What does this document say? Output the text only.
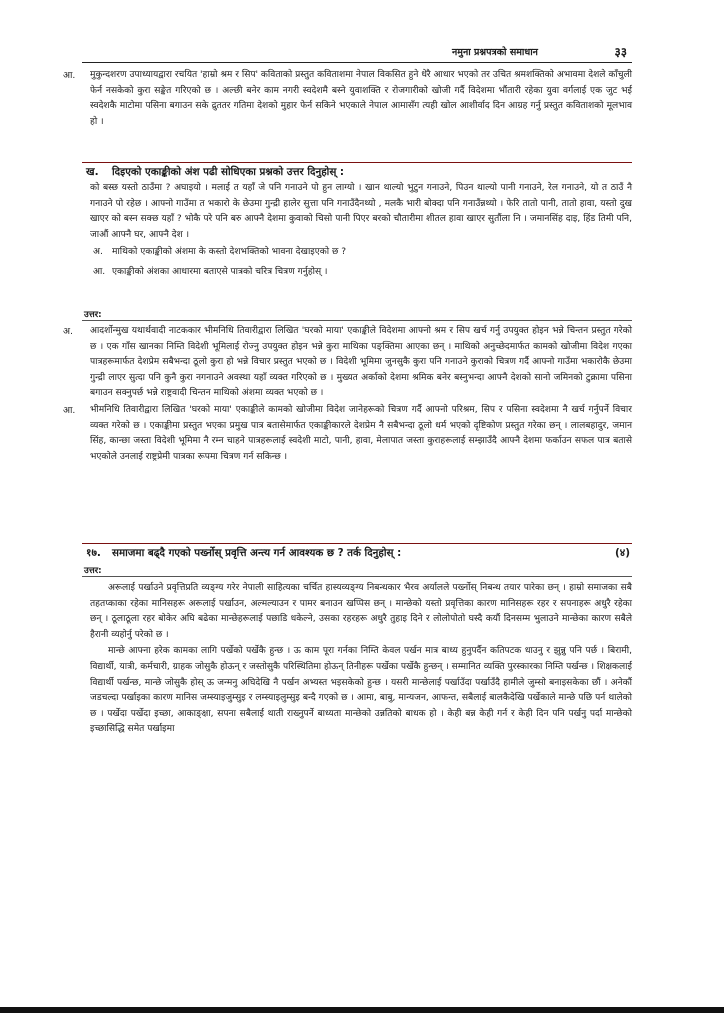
नमुना प्रश्नपत्रको समाधान	३३

आ. मुकुन्दशरण उपाध्यायद्वारा रचयित 'हाम्रो श्रम र सिप' कविताको प्रस्तुत कविताशमा नेपाल विकसित हुने धेरै आधार भएको तर उचित श्रमशक्तिको अभावमा देशले काँचुली फेर्न नसकेको कुरा सङ्केत गरिएको छ । अल्छी बनेर काम नगरी स्वदेशमै बस्ने युवाशक्ति र रोजगारीको खोजी गर्दै विदेशमा भौंतारी रहेका युवा वर्गलाई एक जुट भई स्वदेशकै माटोमा पसिना बगाउन सके द्रुततर गतिमा देशको मुहार फेर्न सकिने भएकाले नेपाल आमासँग त्यही खोल आशीर्वाद दिन आग्रह गर्नु प्रस्तुत कविताशको मूलभाव हो ।

ख. दिइएको एकाङ्कीको अंश पढी सोधिएका प्रश्नको उत्तर दिनुहोस् :

को बस्छ यस्तो ठाउँमा ? अघाइयो । मलाई त यहाँ जे पनि गनाउने पो हुन लाग्यो । खान थाल्यो भुटुन गनाउने, पिउन थाल्यो पानी गनाउने, रेल गनाउने, यो त ठाउँ नै गनाउने पो रहेछ । आफ्नो गाउँमा त भकारो के छेउमा गुन्द्री हालेर सुत्ता पनि गनाउँदैनथ्यो , मलकै भारी बोक्दा पनि गनाउँन्नथ्यो । फेरि तातो पानी, तातो हावा, यस्तो दुख खाएर को बस्न सक्छ यहाँ ? भोकै परे पनि बरु आफ्नै देशमा कुवाको चिसो पानी पिएर बरको चौतारीमा शीतल हावा खाएर सुतौंला नि । जमानसिंह दाइ, हिंड तिमी पनि, जाऔं आफ्नै घर, आफ्नै देश ।

अ. माथिको एकाङ्कीको अंशमा के कस्तो देशभक्तिको भावना देखाइएको छ ?

आ. एकाङ्कीको अंशका आधारमा बताएसे पात्रको चरित्र चित्रण गर्नुहोस् ।

उत्तर:

अ. आदर्शोन्मुख यथार्थवादी नाटककार भीमनिधि तिवारीद्वारा लिखित 'घरको माया' एकाङ्कीले विदेशमा आफ्नो श्रम र सिप खर्च गर्नु उपयुक्त होइन भन्ने चिन्तन प्रस्तुत गरेको छ । एक गाँस खानका निम्ति विदेशी भूमिलाई रोज्नु उपयुक्त होइन भन्ने कुरा माथिका पङ्क्तिमा आएका छन् । माथिको अनुच्छेदमार्फत कामको खोजीमा विदेश गएका पात्रहरूमार्फत देशप्रेम सबैभन्दा ठूलो कुरा हो भन्ने विचार प्रस्तुत भएको छ । विदेशी भूमिमा जुनसुकै कुरा पनि गनाउने कुराको चित्रण गर्दै आफ्नो गाउँमा भकारोकै छेउमा गुन्द्री लाएर सुत्दा पनि कुनै कुरा नगनाउने अवस्था यहाँ व्यक्त गरिएको छ । मुख्यत अर्काको देशमा श्रमिक बनेर बस्नुभन्दा आफ्नै देशको सानो जमिनको टुक्रामा पसिना बगाउन सक्नुपर्छ भन्ने राष्ट्रवादी चिन्तन माथिको अंशमा व्यक्त भएको छ ।

आ. भीमनिधि तिवारीद्वारा लिखित 'घरको माया' एकाङ्कीले कामको खोजीमा विदेश जानेहरूको चित्रण गर्दै आफ्नो परिश्रम, सिप र पसिना स्वदेशमा नै खर्च गर्नुपर्ने विचार व्यक्त गरेको छ । एकाङ्कीमा प्रस्तुत भएका प्रमुख पात्र बतासेमार्फत एकाङ्कीकारले देशप्रेम नै सबैभन्दा ठूलो धर्म भएको दृष्टिकोण प्रस्तुत गरेका छन् । लालबहादुर, जमान सिंह, कान्छा जस्ता विदेशी भूमिमा नै रम्न चाहने पात्रहरूलाई स्वदेशी माटो, पानी, हावा, मेलापात जस्ता कुराहरूलाई सम्झाउँदै आफ्नै देशमा फर्काउन सफल पात्र बतासे भएकोले उनलाई राष्ट्रप्रेमी पात्रका रूपमा चित्रण गर्न सकिन्छ ।

१७. समाजमा बढ्दै गएको पर्ख्नोस् प्रवृत्ति अन्त्य गर्न आवश्यक छ ? तर्क दिनुहोस् :	(४)
उत्तर:

अरूलाई पर्खाउने प्रवृत्तिप्रति व्यङ्ग्य गरेर नेपाली साहित्यका चर्चित हास्यव्यङ्ग्य निबन्धकार भैरव अर्यालले पर्ख्नोस् निबन्ध तयार पारेका छन् । हाम्रो समाजका सबै तहतप्काका रहेका मानिसहरू अरूलाई पर्खाउन, अल्मल्याउन र पामर बनाउन खप्पिस छन् । मान्छेको यस्तो प्रवृत्तिका कारण मानिसहरू रहर र सपनाहरू अधुरै रहेका छन् । ठूलाठूला रहर बोकेर अघि बढेका मान्छेहरूलाई पछाडि धकेल्ने, उसका रहरहरू अधुरै तुहाइ दिने र लोलोपोतो घस्दै कयौं दिनसम्म भुलाउने मान्छेका कारण सबैले हैरानी व्यहोर्नु परेको छ ।

मान्छे आफ्ना हरेक कामका लागि पर्खेको पर्खेकै हुन्छ । ऊ काम पूरा गर्नका निम्ति केवल पर्खन मात्र बाध्य हुनुपर्दैन कतिपटक धाउनु र झुन्नु पनि पर्छ । बिरामी, विद्यार्थी, यात्री, कर्मचारी, ग्राहक जोसुकै होऊन् र जस्तोसुकै परिस्थितिमा होऊन् तिनीहरू पर्खेका पर्खेकै हुन्छन् । सम्मानित व्यक्ति पुरस्कारका निम्ति पर्खन्छ । शिक्षकलाई विद्यार्थी पर्खन्छ, मान्छे जोसुकै होस् ऊ जन्मनु अघिदेखि नै पर्खन अभ्यस्त भइसकेको हुन्छ । यसरी मान्छेलाई पर्खाउँदा पर्खाउँदै हामीले जुम्सो बनाइसकेका छौं । अनेकौं जडचल्दा पर्खाइका कारण मानिस जम्स्याइजुम्सुइ र लम्स्याइलुम्सुइ बन्दै गएको छ । आमा, बाबु, मान्यजन, आफन्त, सबैलाई बालकैदेखि पर्खेकाले मान्छे पछि पर्न थालेको छ । पर्खेदा पर्खेदा इच्छा, आकाङ्क्षा, सपना सबैलाई थाती राख्नुपर्ने बाध्यता मान्छेको उन्नतिको बाधक हो । केही बन्न केही गर्न र केही दिन पनि पर्खनु पर्दा मान्छेको इच्छासिद्धि समेत पर्खाइमा
